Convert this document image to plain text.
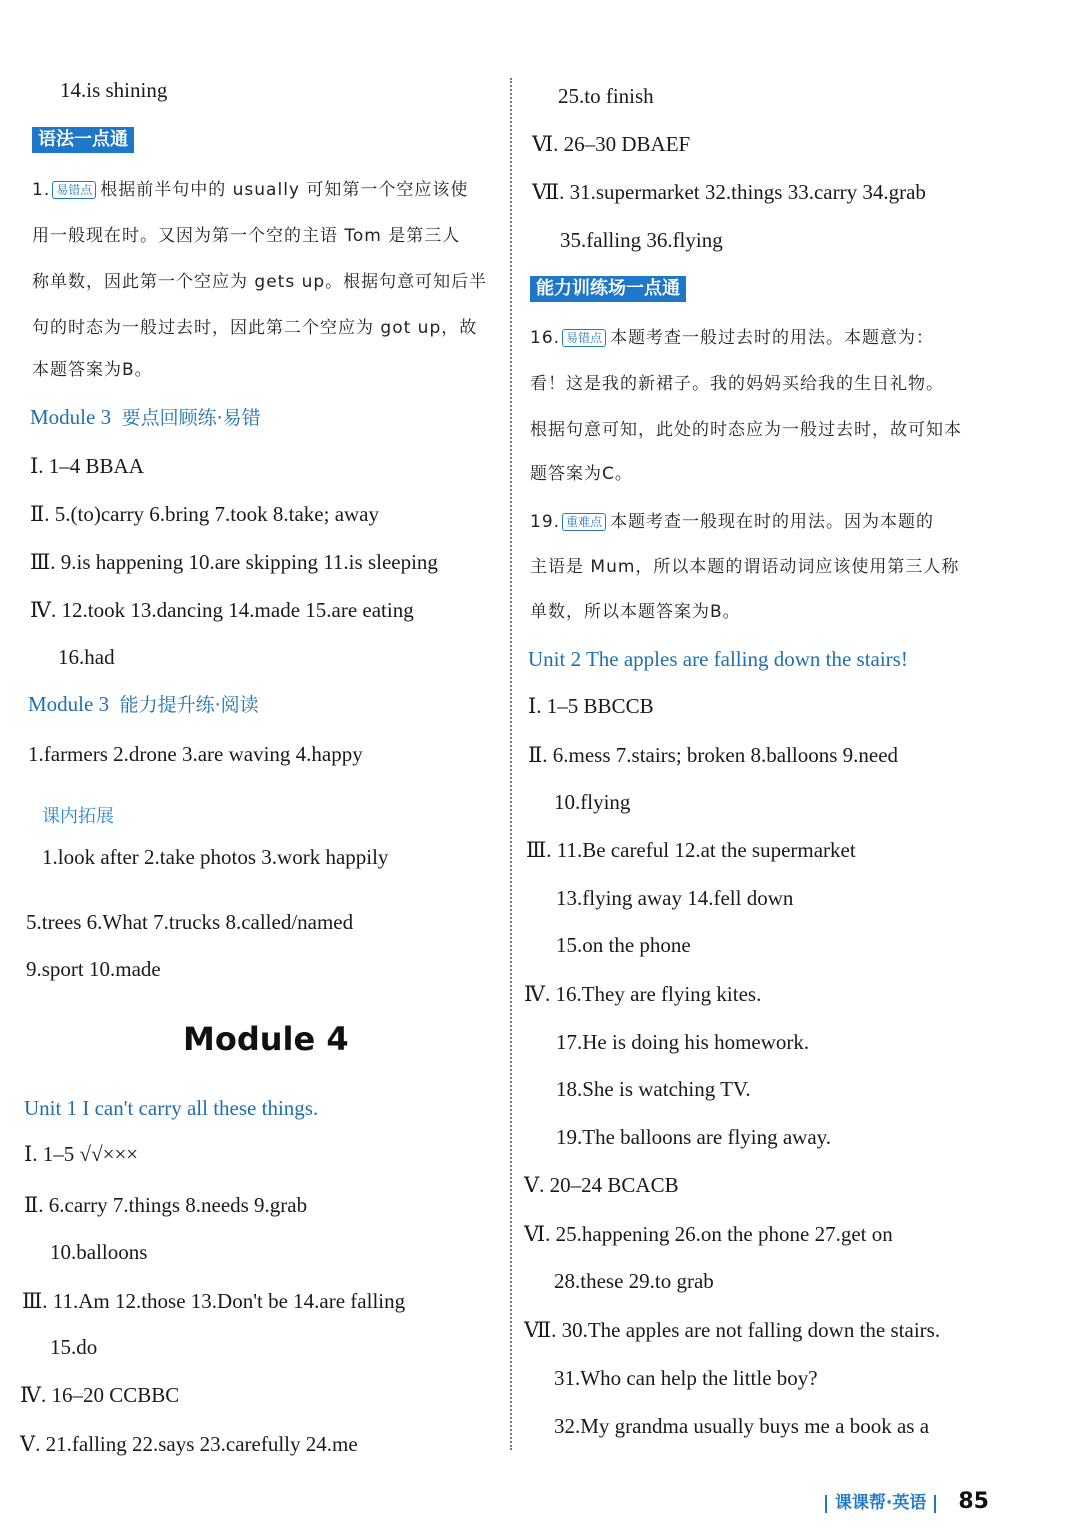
14.is shining
语法一点通
1. 易错点 根据前半句中的 usually 可知第一个空应该使
用一般现在时。又因为第一个空的主语 Tom 是第三人
称单数，因此第一个空应为 gets up。根据句意可知后半
句的时态为一般过去时，因此第二个空应为 got up，故
本题答案为B。
Module 3 要点回顾练·易错
Ⅰ. 1–4 BBAA
Ⅱ. 5.(to)carry 6.bring 7.took 8.take; away
Ⅲ. 9.is happening 10.are skipping 11.is sleeping
Ⅳ. 12.took 13.dancing 14.made 15.are eating
16.had
Module 3 能力提升练·阅读
1.farmers 2.drone 3.are waving 4.happy
课内拓展
1.look after 2.take photos 3.work happily
5.trees 6.What 7.trucks 8.called/named
9.sport 10.made
Module 4
Unit 1 I can't carry all these things.
Ⅰ. 1–5 √√×××
Ⅱ. 6.carry 7.things 8.needs 9.grab
10.balloons
Ⅲ. 11.Am 12.those 13.Don't be 14.are falling
15.do
Ⅳ. 16–20 CCBBC
Ⅴ. 21.falling 22.says 23.carefully 24.me
25.to finish
Ⅵ. 26–30 DBAEF
Ⅶ. 31.supermarket 32.things 33.carry 34.grab
35.falling 36.flying
能力训练场一点通
16. 易错点 本题考查一般过去时的用法。本题意为：
看！这是我的新裙子。我的妈妈买给我的生日礼物。
根据句意可知，此处的时态应为一般过去时，故可知本
题答案为C。
19. 重难点 本题考查一般现在时的用法。因为本题的
主语是 Mum，所以本题的谓语动词应该使用第三人称
单数，所以本题答案为B。
Unit 2 The apples are falling down the stairs!
Ⅰ. 1–5 BBCCB
Ⅱ. 6.mess 7.stairs; broken 8.balloons 9.need
10.flying
Ⅲ. 11.Be careful 12.at the supermarket
13.flying away 14.fell down
15.on the phone
Ⅳ. 16.They are flying kites.
17.He is doing his homework.
18.She is watching TV.
19.The balloons are flying away.
Ⅴ. 20–24 BCACB
Ⅵ. 25.happening 26.on the phone 27.get on
28.these 29.to grab
Ⅶ. 30.The apples are not falling down the stairs.
31.Who can help the little boy?
32.My grandma usually buys me a book as a
课课帮·英语 85
